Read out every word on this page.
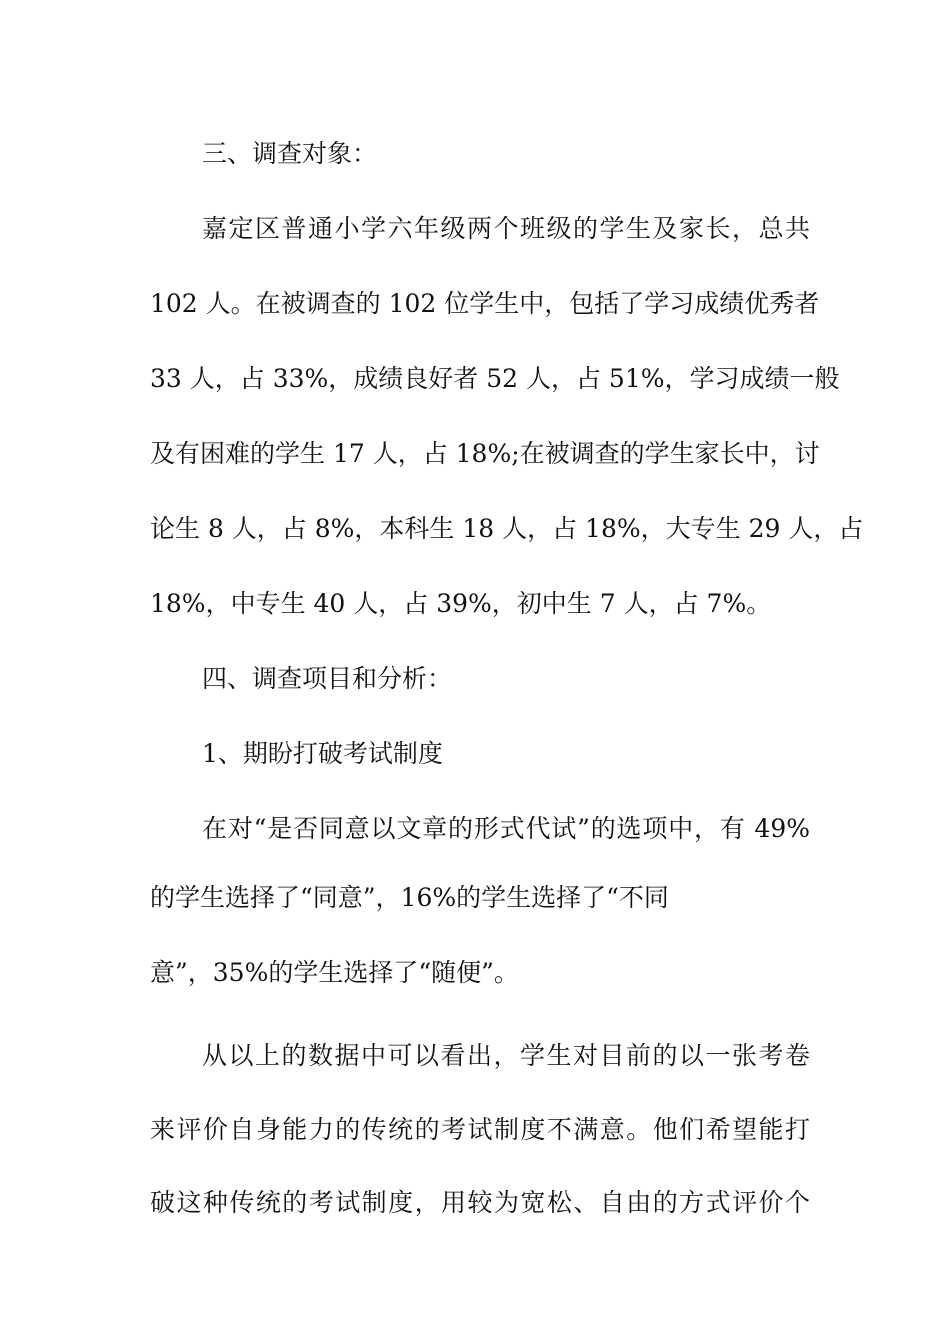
三、调查对象：
嘉定区普通小学六年级两个班级的学生及家长，总共
102 人。在被调查的 102 位学生中，包括了学习成绩优秀者
33 人，占 33%，成绩良好者 52 人，占 51%，学习成绩一般
及有困难的学生 17 人，占 18%;在被调查的学生家长中，讨
论生 8 人，占 8%，本科生 18 人，占 18%，大专生 29 人，占
18%，中专生 40 人，占 39%，初中生 7 人，占 7%。
四、调查项目和分析：
1、期盼打破考试制度
在对“是否同意以文章的形式代试”的选项中，有 49%
的学生选择了“同意”，16%的学生选择了“不同
意”，35%的学生选择了“随便”。
从以上的数据中可以看出，学生对目前的以一张考卷
来评价自身能力的传统的考试制度不满意。他们希望能打
破这种传统的考试制度，用较为宽松、自由的方式评价个
